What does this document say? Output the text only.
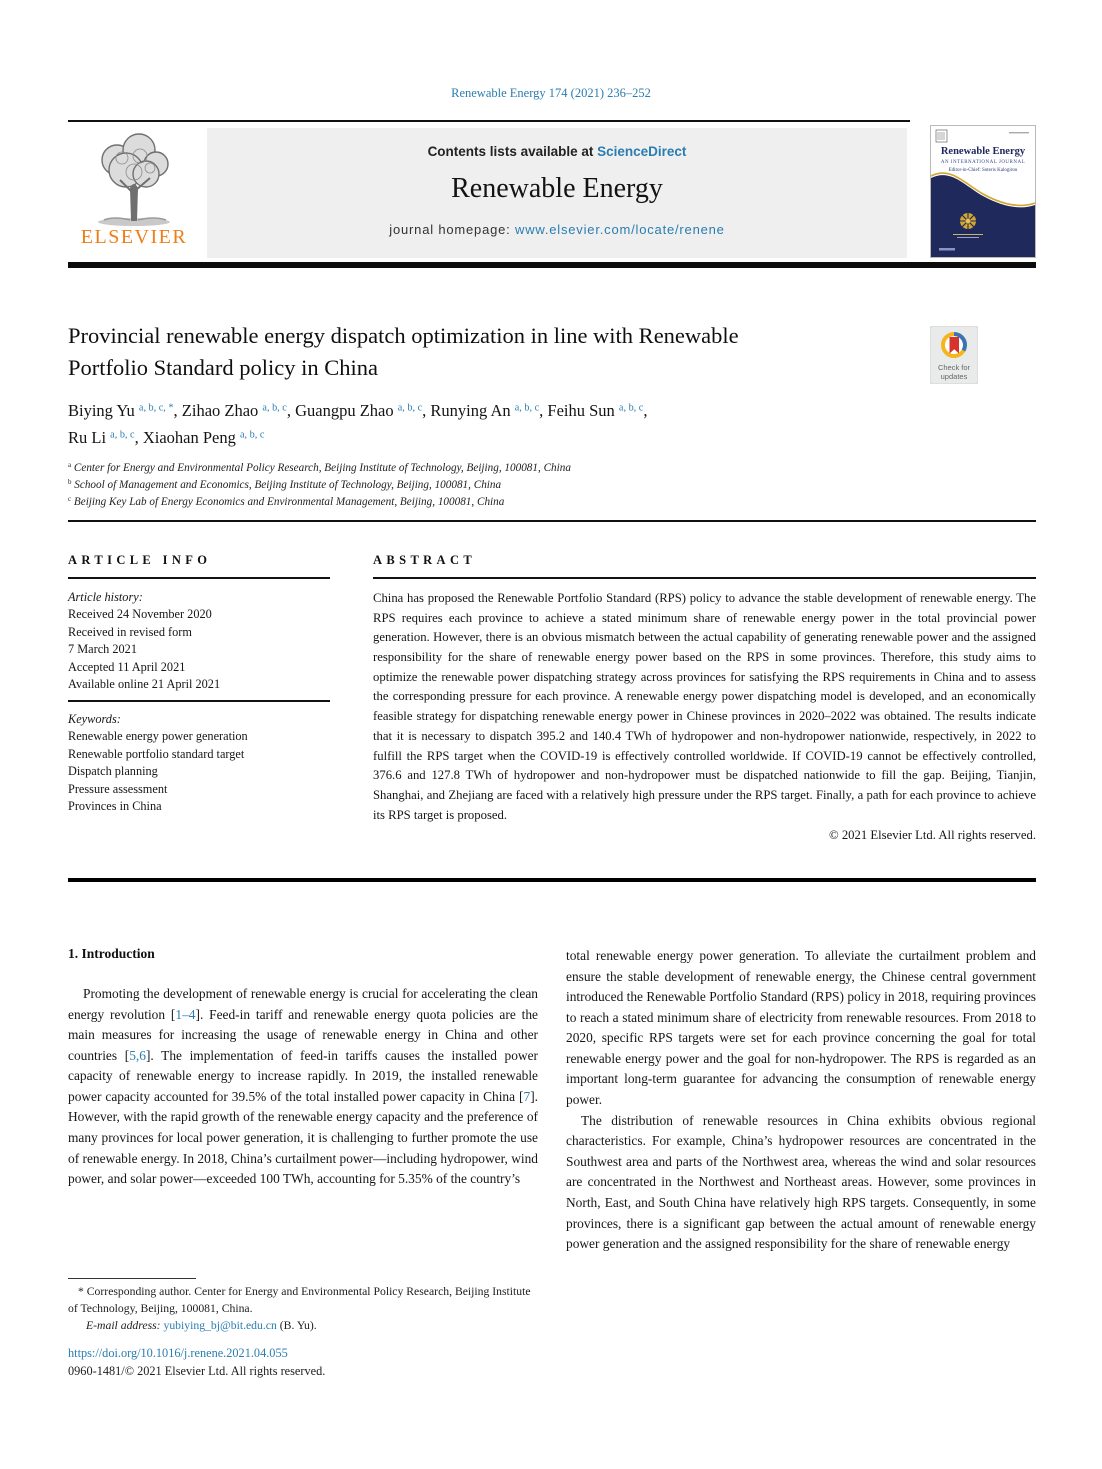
Renewable Energy 174 (2021) 236–252
ELSEVIER
Contents lists available at ScienceDirect
Renewable Energy
journal homepage: www.elsevier.com/locate/renene
Renewable Energy
AN INTERNATIONAL JOURNAL
Editor-in-Chief: Soteris Kalogirou
Provincial renewable energy dispatch optimization in line with Renewable Portfolio Standard policy in China	Check for
updates
Biying Yu $^{a, b, c, *}$, Zihao Zhao $^{a, b, c}$, Guangpu Zhao $^{a, b, c}$, Runying An $^{a, b, c}$, Feihu Sun $^{a, b, c}$,
Ru Li $^{a, b, c}$, Xiaohan Peng $^{a, b, c}$
$^a$ Center for Energy and Environmental Policy Research, Beijing Institute of Technology, Beijing, 100081, China
$^b$ School of Management and Economics, Beijing Institute of Technology, Beijing, 100081, China
$^c$ Beijing Key Lab of Energy Economics and Environmental Management, Beijing, 100081, China
ARTICLE INFO
Article history:
Received 24 November 2020
Received in revised form
7 March 2021
Accepted 11 April 2021
Available online 21 April 2021
Keywords:
Renewable energy power generation
Renewable portfolio standard target
Dispatch planning
Pressure assessment
Provinces in China
ABSTRACT
China has proposed the Renewable Portfolio Standard (RPS) policy to advance the stable development of renewable energy. The RPS requires each province to achieve a stated minimum share of renewable energy power in the total provincial power generation. However, there is an obvious mismatch between the actual capability of generating renewable power and the assigned responsibility for the share of renewable energy power based on the RPS in some provinces. Therefore, this study aims to optimize the renewable power dispatching strategy across provinces for satisfying the RPS requirements in China and to assess the corresponding pressure for each province. A renewable energy power dispatching model is developed, and an economically feasible strategy for dispatching renewable energy power in Chinese provinces in 2020–2022 was obtained. The results indicate that it is necessary to dispatch 395.2 and 140.4 TWh of hydropower and non-hydropower nationwide, respectively, in 2022 to fulfill the RPS target when the COVID-19 is effectively controlled worldwide. If COVID-19 cannot be effectively controlled, 376.6 and 127.8 TWh of hydropower and non-hydropower must be dispatched nationwide to fill the gap. Beijing, Tianjin, Shanghai, and Zhejiang are faced with a relatively high pressure under the RPS target. Finally, a path for each province to achieve its RPS target is proposed.
© 2021 Elsevier Ltd. All rights reserved.
1. Introduction

Promoting the development of renewable energy is crucial for accelerating the clean energy revolution [1–4]. Feed-in tariff and renewable energy quota policies are the main measures for increasing the usage of renewable energy in China and other countries [5,6]. The implementation of feed-in tariffs causes the installed power capacity of renewable energy to increase rapidly. In 2019, the installed renewable power capacity accounted for 39.5% of the total installed power capacity in China [7]. However, with the rapid growth of the renewable energy capacity and the preference of many provinces for local power generation, it is challenging to further promote the use of renewable energy. In 2018, China’s curtailment power—including hydropower, wind power, and solar power—exceeded 100 TWh, accounting for 5.35% of the country’s

total renewable energy power generation. To alleviate the curtailment problem and ensure the stable development of renewable energy, the Chinese central government introduced the Renewable Portfolio Standard (RPS) policy in 2018, requiring provinces to reach a stated minimum share of electricity from renewable resources. From 2018 to 2020, specific RPS targets were set for each province concerning the goal for total renewable energy power and the goal for non-hydropower. The RPS is regarded as an important long-term guarantee for advancing the consumption of renewable energy power.

The distribution of renewable resources in China exhibits obvious regional characteristics. For example, China’s hydropower resources are concentrated in the Southwest area and parts of the Northwest area, whereas the wind and solar resources are concentrated in the Northwest and Northeast areas. However, some provinces in North, East, and South China have relatively high RPS targets. Consequently, in some provinces, there is a significant gap between the actual amount of renewable energy power generation and the assigned responsibility for the share of renewable energy

* Corresponding author. Center for Energy and Environmental Policy Research, Beijing Institute of Technology, Beijing, 100081, China.

E-mail address: yubiying_bj@bit.edu.cn (B. Yu).

https://doi.org/10.1016/j.renene.2021.04.055
0960-1481/© 2021 Elsevier Ltd. All rights reserved.
